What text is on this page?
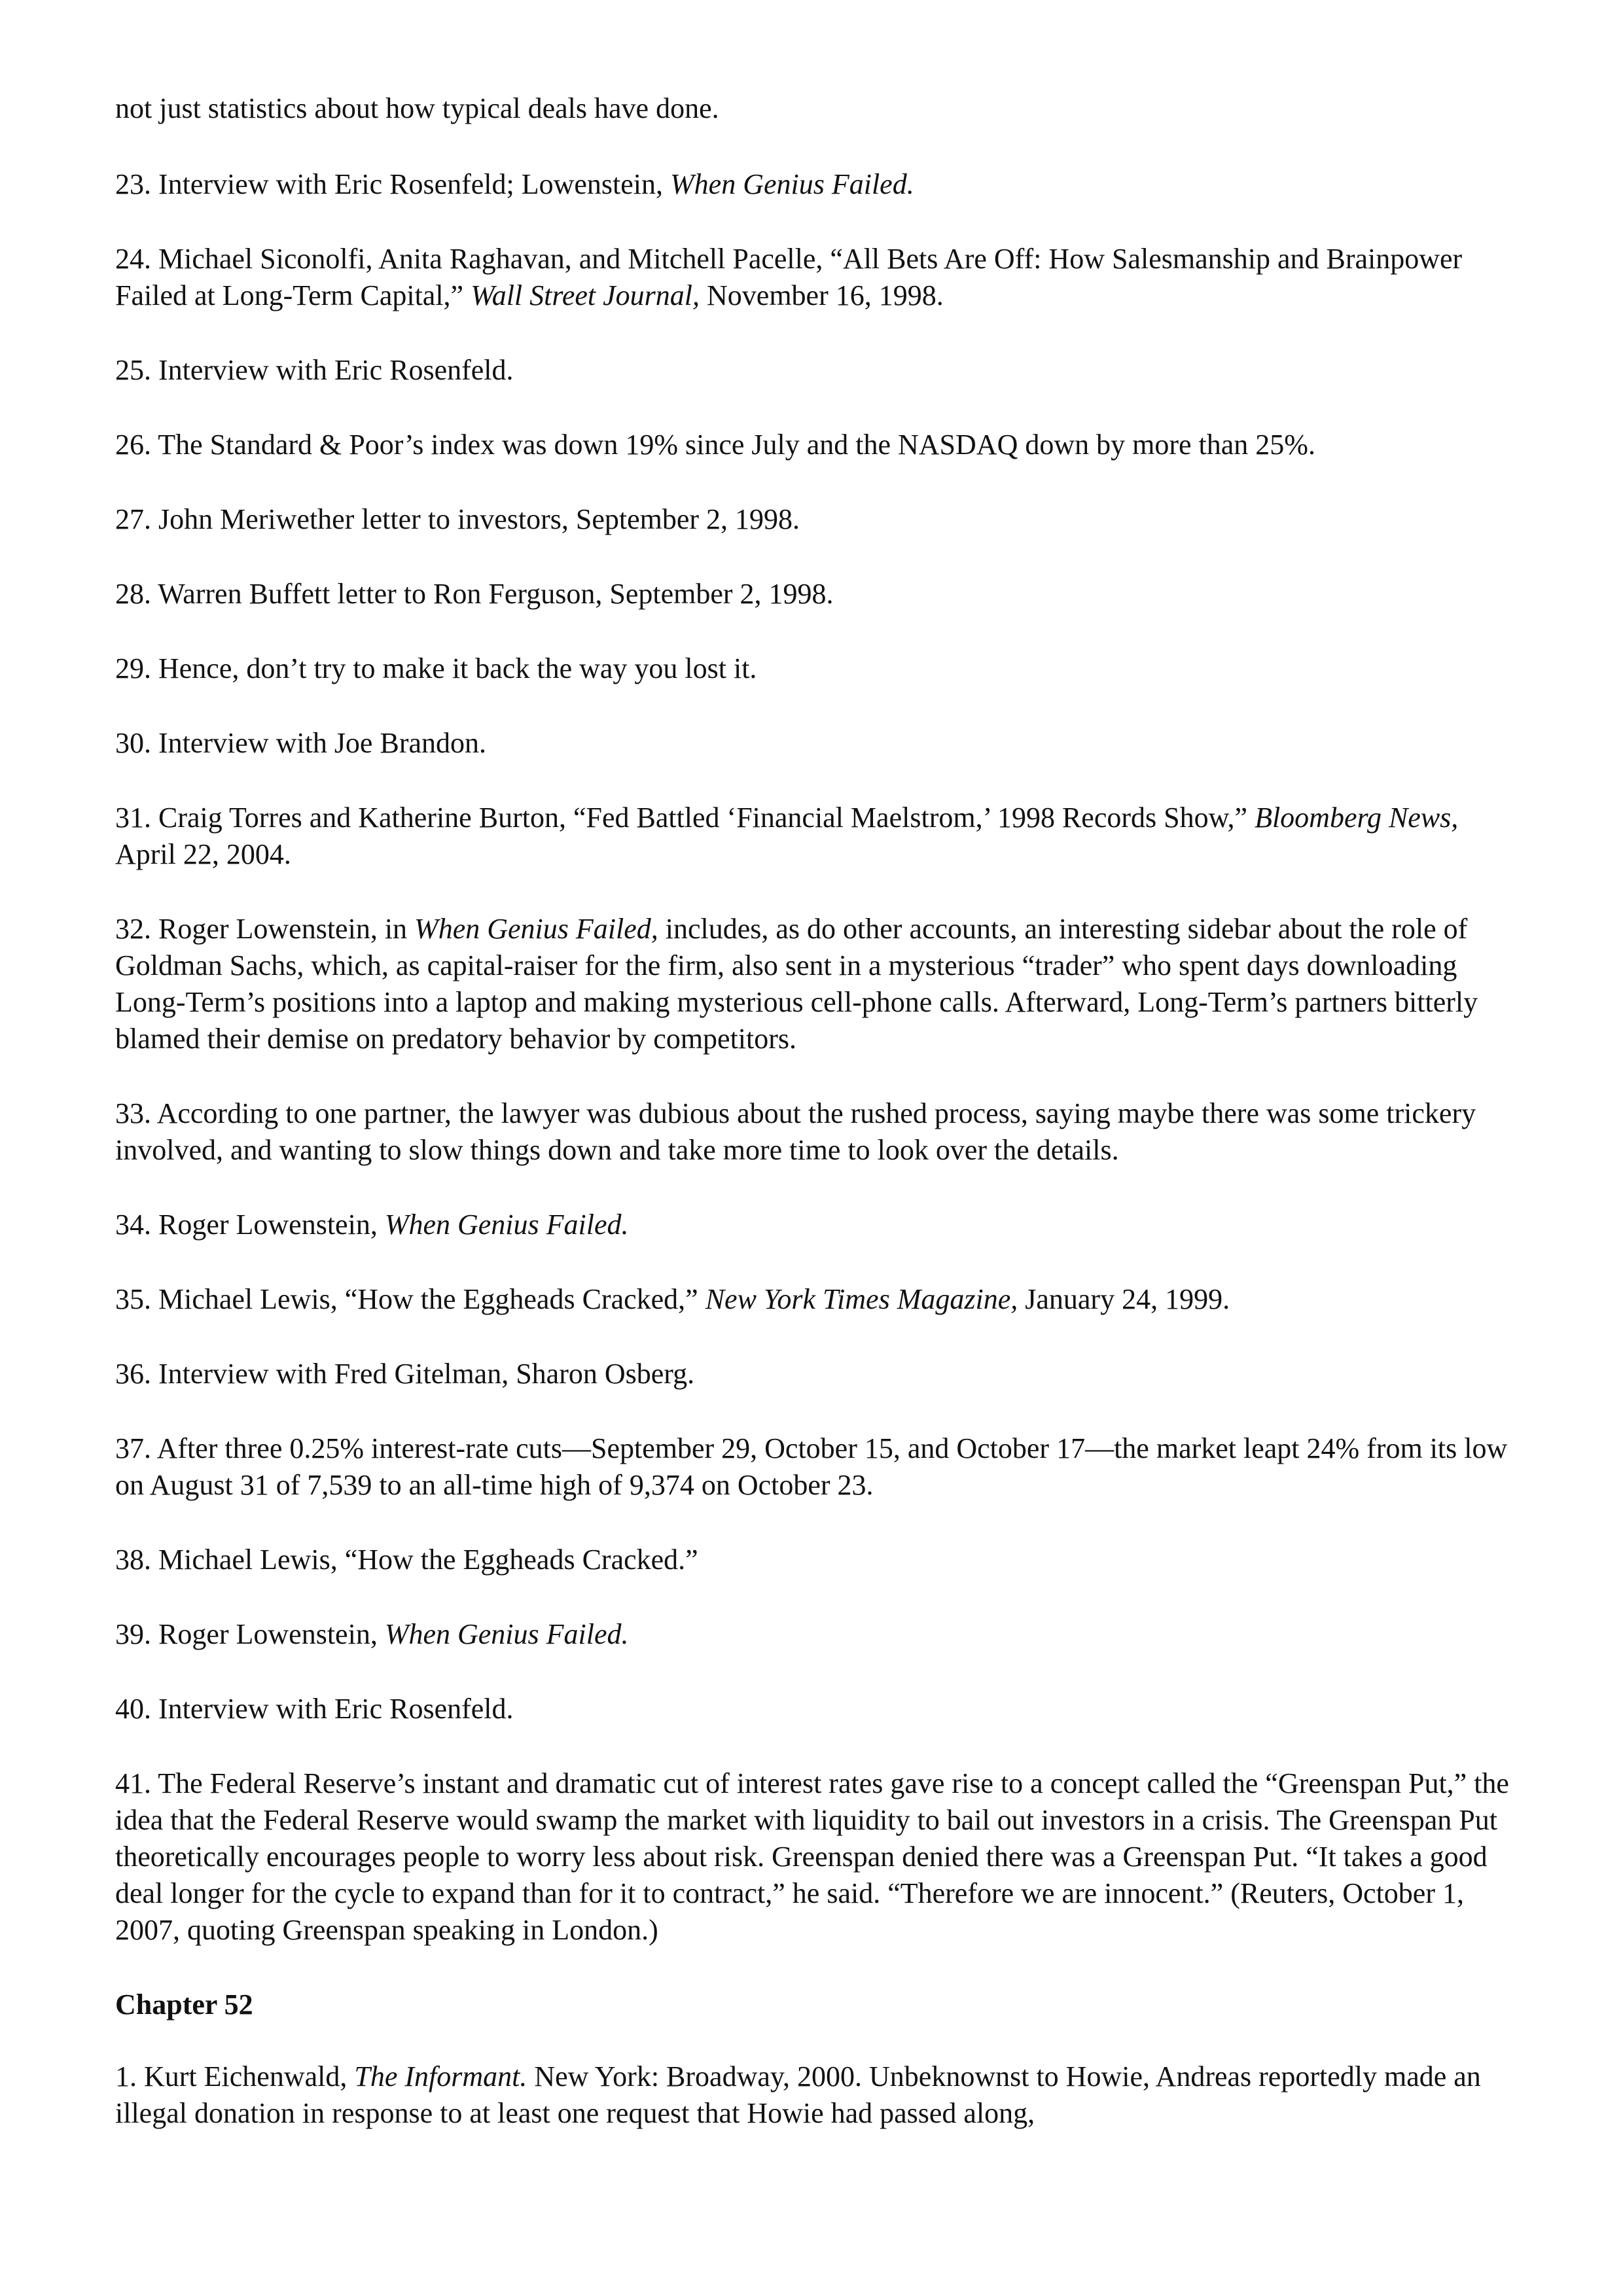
not just statistics about how typical deals have done.

23. Interview with Eric Rosenfeld; Lowenstein, When Genius Failed.

24. Michael Siconolfi, Anita Raghavan, and Mitchell Pacelle, “All Bets Are Off: How Salesmanship and Brainpower Failed at Long-Term Capital,” Wall Street Journal, November 16, 1998.

25. Interview with Eric Rosenfeld.

26. The Standard & Poor’s index was down 19% since July and the NASDAQ down by more than 25%.

27. John Meriwether letter to investors, September 2, 1998.

28. Warren Buffett letter to Ron Ferguson, September 2, 1998.

29. Hence, don’t try to make it back the way you lost it.

30. Interview with Joe Brandon.

31. Craig Torres and Katherine Burton, “Fed Battled ‘Financial Maelstrom,’ 1998 Records Show,” Bloomberg News, April 22, 2004.

32. Roger Lowenstein, in When Genius Failed, includes, as do other accounts, an interesting sidebar about the role of Goldman Sachs, which, as capital-raiser for the firm, also sent in a mysterious “trader” who spent days downloading Long-Term’s positions into a laptop and making mysterious cell-phone calls. Afterward, Long-Term’s partners bitterly blamed their demise on predatory behavior by competitors.

33. According to one partner, the lawyer was dubious about the rushed process, saying maybe there was some trickery involved, and wanting to slow things down and take more time to look over the details.

34. Roger Lowenstein, When Genius Failed.

35. Michael Lewis, “How the Eggheads Cracked,” New York Times Magazine, January 24, 1999.

36. Interview with Fred Gitelman, Sharon Osberg.

37. After three 0.25% interest-rate cuts—September 29, October 15, and October 17—the market leapt 24% from its low on August 31 of 7,539 to an all-time high of 9,374 on October 23.

38. Michael Lewis, “How the Eggheads Cracked.”

39. Roger Lowenstein, When Genius Failed.

40. Interview with Eric Rosenfeld.

41. The Federal Reserve’s instant and dramatic cut of interest rates gave rise to a concept called the “Greenspan Put,” the idea that the Federal Reserve would swamp the market with liquidity to bail out investors in a crisis. The Greenspan Put theoretically encourages people to worry less about risk. Greenspan denied there was a Greenspan Put. “It takes a good deal longer for the cycle to expand than for it to contract,” he said. “Therefore we are innocent.” (Reuters, October 1, 2007, quoting Greenspan speaking in London.)

Chapter 52

1. Kurt Eichenwald, The Informant. New York: Broadway, 2000. Unbeknownst to Howie, Andreas reportedly made an illegal donation in response to at least one request that Howie had passed along,
